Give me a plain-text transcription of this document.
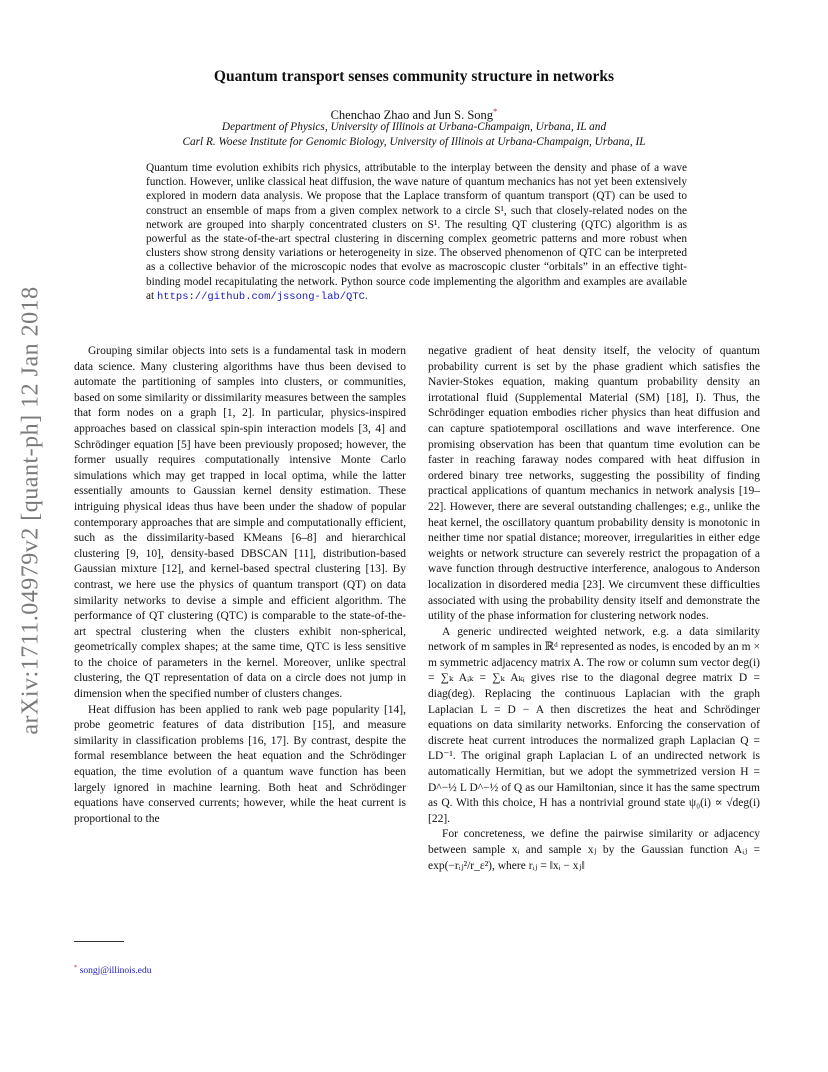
arXiv:1711.04979v2 [quant-ph] 12 Jan 2018
Quantum transport senses community structure in networks
Chenchao Zhao and Jun S. Song*
Department of Physics, University of Illinois at Urbana-Champaign, Urbana, IL and
Carl R. Woese Institute for Genomic Biology, University of Illinois at Urbana-Champaign, Urbana, IL
Quantum time evolution exhibits rich physics, attributable to the interplay between the density and phase of a wave function. However, unlike classical heat diffusion, the wave nature of quantum mechanics has not yet been extensively explored in modern data analysis. We propose that the Laplace transform of quantum transport (QT) can be used to construct an ensemble of maps from a given complex network to a circle S¹, such that closely-related nodes on the network are grouped into sharply concentrated clusters on S¹. The resulting QT clustering (QTC) algorithm is as powerful as the state-of-the-art spectral clustering in discerning complex geometric patterns and more robust when clusters show strong density variations or heterogeneity in size. The observed phenomenon of QTC can be interpreted as a collective behavior of the microscopic nodes that evolve as macroscopic cluster “orbitals” in an effective tight-binding model recapitulating the network. Python source code implementing the algorithm and examples are available at https://github.com/jssong-lab/QTC.

Grouping similar objects into sets is a fundamental task in modern data science. Many clustering algorithms have thus been devised to automate the partitioning of samples into clusters, or communities, based on some similarity or dissimilarity measures between the samples that form nodes on a graph [1, 2]. In particular, physics-inspired approaches based on classical spin-spin interaction models [3, 4] and Schrödinger equation [5] have been previously proposed; however, the former usually requires computationally intensive Monte Carlo simulations which may get trapped in local optima, while the latter essentially amounts to Gaussian kernel density estimation. These intriguing physical ideas thus have been under the shadow of popular contemporary approaches that are simple and computationally efficient, such as the dissimilarity-based KMeans [6–8] and hierarchical clustering [9, 10], density-based DBSCAN [11], distribution-based Gaussian mixture [12], and kernel-based spectral clustering [13]. By contrast, we here use the physics of quantum transport (QT) on data similarity networks to devise a simple and efficient algorithm. The performance of QT clustering (QTC) is comparable to the state-of-the-art spectral clustering when the clusters exhibit non-spherical, geometrically complex shapes; at the same time, QTC is less sensitive to the choice of parameters in the kernel. Moreover, unlike spectral clustering, the QT representation of data on a circle does not jump in dimension when the specified number of clusters changes.

Heat diffusion has been applied to rank web page popularity [14], probe geometric features of data distribution [15], and measure similarity in classification problems [16, 17]. By contrast, despite the formal resemblance between the heat equation and the Schrödinger equation, the time evolution of a quantum wave function has been largely ignored in machine learning. Both heat and Schrödinger equations have conserved currents; however, while the heat current is proportional to the

negative gradient of heat density itself, the velocity of quantum probability current is set by the phase gradient which satisfies the Navier-Stokes equation, making quantum probability density an irrotational fluid (Supplemental Material (SM) [18], I). Thus, the Schrödinger equation embodies richer physics than heat diffusion and can capture spatiotemporal oscillations and wave interference. One promising observation has been that quantum time evolution can be faster in reaching faraway nodes compared with heat diffusion in ordered binary tree networks, suggesting the possibility of finding practical applications of quantum mechanics in network analysis [19–22]. However, there are several outstanding challenges; e.g., unlike the heat kernel, the oscillatory quantum probability density is monotonic in neither time nor spatial distance; moreover, irregularities in either edge weights or network structure can severely restrict the propagation of a wave function through destructive interference, analogous to Anderson localization in disordered media [23]. We circumvent these difficulties associated with using the probability density itself and demonstrate the utility of the phase information for clustering network nodes.

A generic undirected weighted network, e.g. a data similarity network of m samples in ℝᵈ represented as nodes, is encoded by an m × m symmetric adjacency matrix A. The row or column sum vector deg(i) = ∑ₖ Aᵢₖ = ∑ₖ Aₖᵢ gives rise to the diagonal degree matrix D = diag(deg). Replacing the continuous Laplacian with the graph Laplacian L = D − A then discretizes the heat and Schrödinger equations on data similarity networks. Enforcing the conservation of discrete heat current introduces the normalized graph Laplacian Q = LD⁻¹. The original graph Laplacian L of an undirected network is automatically Hermitian, but we adopt the symmetrized version H = D^−½ L D^−½ of Q as our Hamiltonian, since it has the same spectrum as Q. With this choice, H has a nontrivial ground state ψ₀(i) ∝ √deg(i) [22].

For concreteness, we define the pairwise similarity or adjacency between sample xᵢ and sample xⱼ by the Gaussian function Aᵢⱼ = exp(−rᵢⱼ²/r_ε²), where rᵢⱼ = ‖xᵢ − xⱼ‖

* songj@illinois.edu
